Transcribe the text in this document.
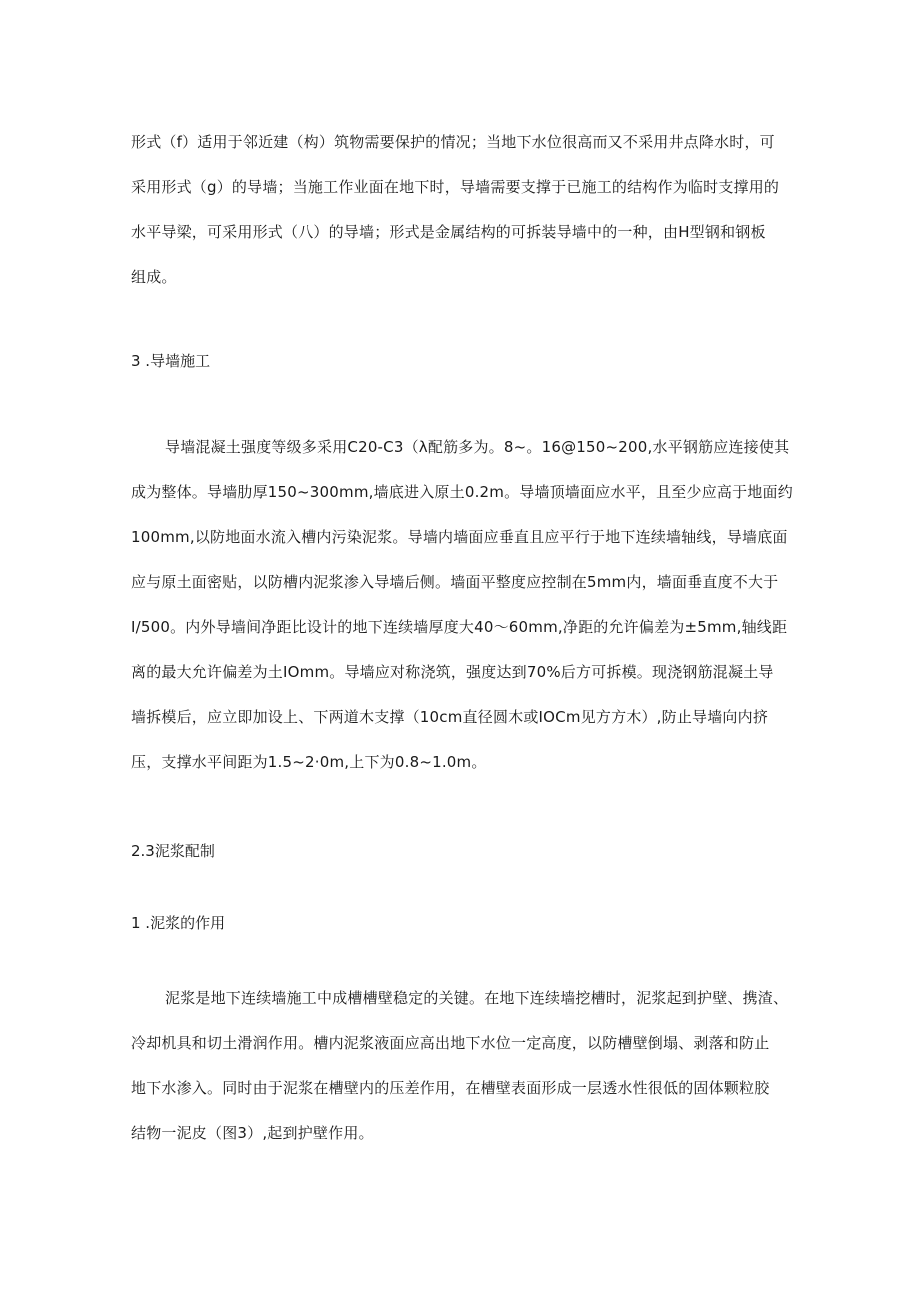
形式（f）适用于邻近建（构）筑物需要保护的情况；当地下水位很高而又不采用井点降水时，可
采用形式（g）的导墙；当施工作业面在地下时，导墙需要支撑于已施工的结构作为临时支撑用的
水平导梁，可采用形式（八）的导墙；形式是金属结构的可拆装导墙中的一种，由H型钢和钢板
组成。
3 .导墙施工
导墙混凝土强度等级多采用C20-C3（λ配筋多为。8~。16@150~200,水平钢筋应连接使其
成为整体。导墙肋厚150~300mm,墙底进入原土0.2m。导墙顶墙面应水平，且至少应高于地面约
100mm,以防地面水流入槽内污染泥浆。导墙内墙面应垂直且应平行于地下连续墙轴线，导墙底面
应与原土面密贴，以防槽内泥浆渗入导墙后侧。墙面平整度应控制在5mm内，墙面垂直度不大于
I/500。内外导墙间净距比设计的地下连续墙厚度大40～60mm,净距的允许偏差为±5mm,轴线距
离的最大允许偏差为土IOmm。导墙应对称浇筑，强度达到70%后方可拆模。现浇钢筋混凝土导
墙拆模后，应立即加设上、下两道木支撑（10cm直径圆木或IOCm见方方木）,防止导墙向内挤
压，支撑水平间距为1.5~2·0m,上下为0.8~1.0m。
2.3泥浆配制
1 .泥浆的作用
泥浆是地下连续墙施工中成槽槽壁稳定的关键。在地下连续墙挖槽时，泥浆起到护壁、携渣、
冷却机具和切土滑润作用。槽内泥浆液面应高出地下水位一定高度，以防槽壁倒塌、剥落和防止
地下水渗入。同时由于泥浆在槽壁内的压差作用，在槽壁表面形成一层透水性很低的固体颗粒胶
结物一泥皮（图3）,起到护壁作用。
